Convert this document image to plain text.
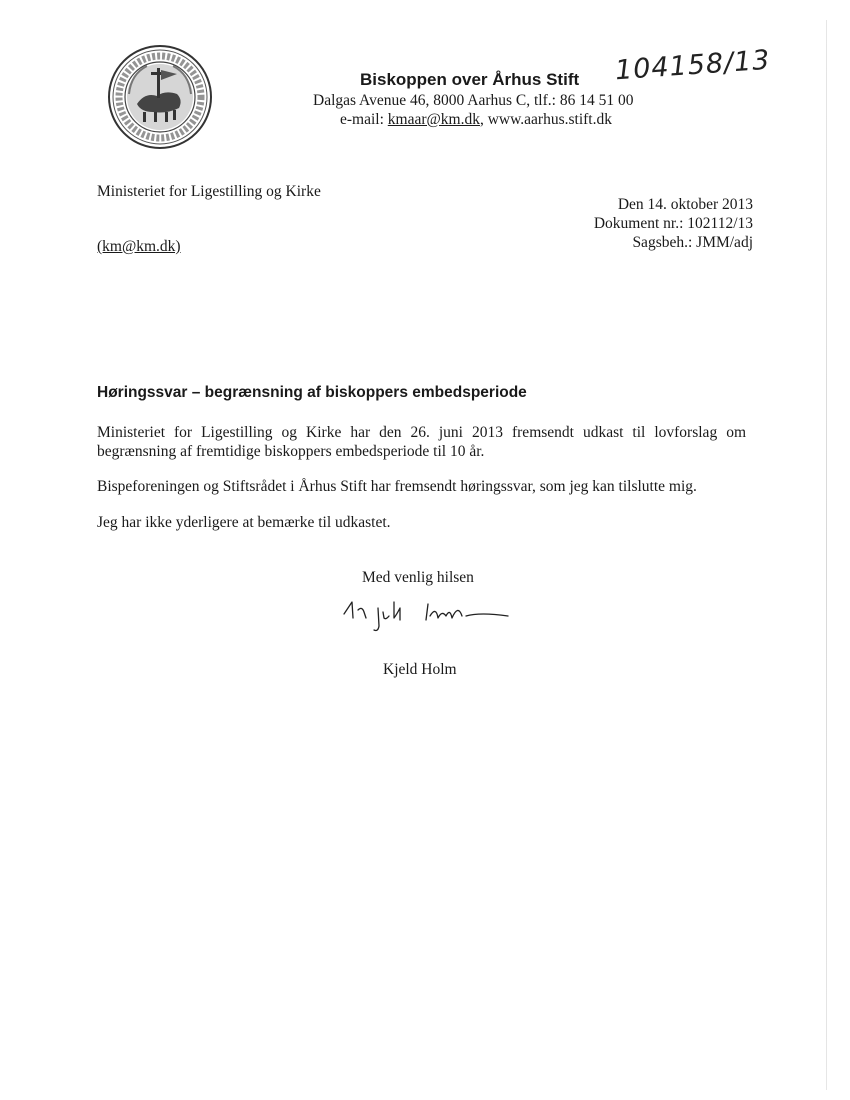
104158/13
Biskoppen over Århus Stift
Dalgas Avenue 46, 8000 Aarhus C, tlf.: 86 14 51 00
e-mail: kmaar@km.dk, www.aarhus.stift.dk
Ministeriet for Ligestilling og Kirke
(km@km.dk)
Den 14. oktober 2013
Dokument nr.: 102112/13
Sagsbeh.: JMM/adj
Høringssvar – begrænsning af biskoppers embedsperiode
Ministeriet for Ligestilling og Kirke har den 26. juni 2013 fremsendt udkast til lovforslag om begrænsning af fremtidige biskoppers embedsperiode til 10 år.
Bispeforeningen og Stiftsrådet i Århus Stift har fremsendt høringssvar, som jeg kan tilslutte mig.
Jeg har ikke yderligere at bemærke til udkastet.
Med venlig hilsen
Kjeld Holm
